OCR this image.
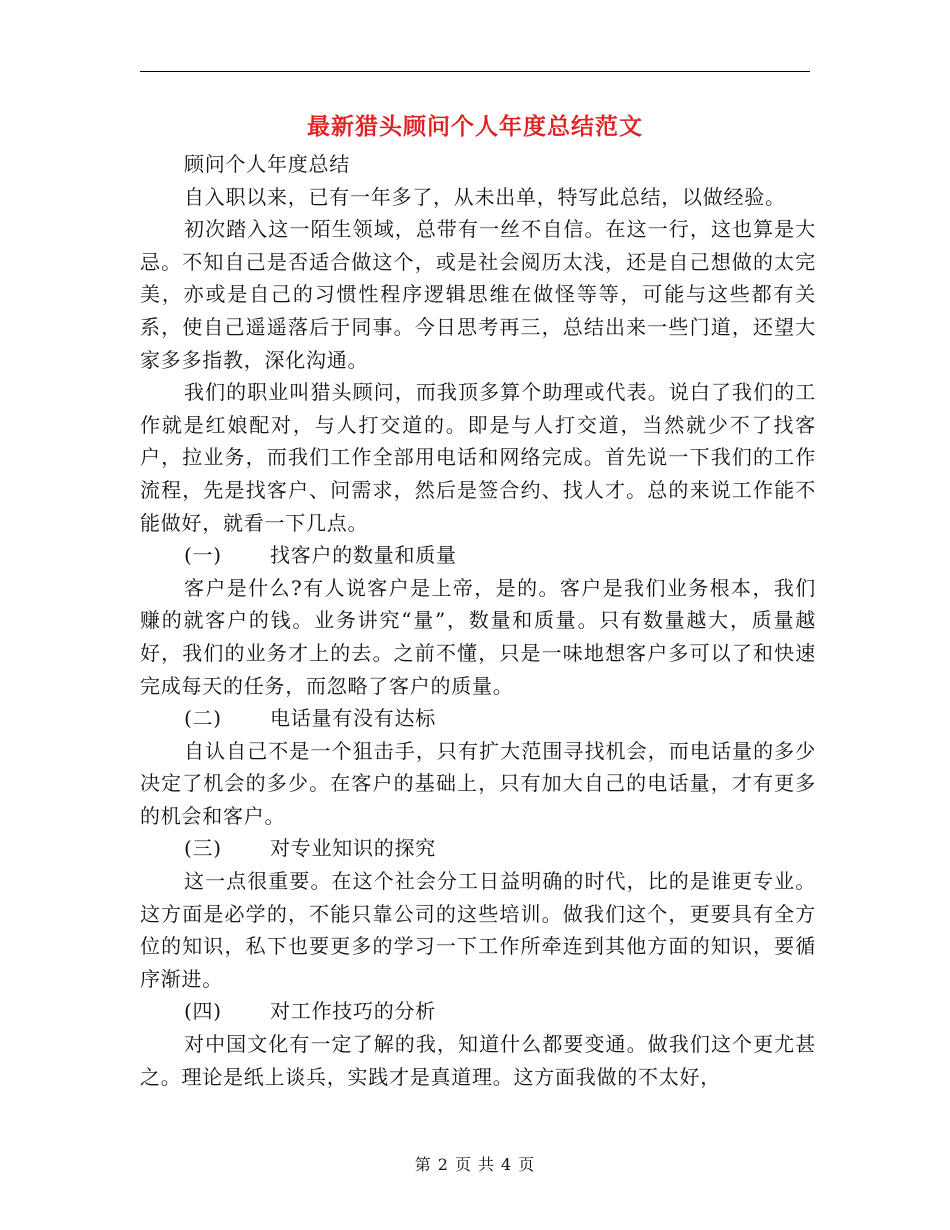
最新猎头顾问个人年度总结范文

顾问个人年度总结

自入职以来，已有一年多了，从未出单，特写此总结，以做经验。

初次踏入这一陌生领域，总带有一丝不自信。在这一行，这也算是大忌。不知自己是否适合做这个，或是社会阅历太浅，还是自己想做的太完美，亦或是自己的习惯性程序逻辑思维在做怪等等，可能与这些都有关系，使自己遥遥落后于同事。今日思考再三，总结出来一些门道，还望大家多多指教，深化沟通。

我们的职业叫猎头顾问，而我顶多算个助理或代表。说白了我们的工作就是红娘配对，与人打交道的。即是与人打交道，当然就少不了找客户，拉业务，而我们工作全部用电话和网络完成。首先说一下我们的工作流程，先是找客户、问需求，然后是签合约、找人才。总的来说工作能不能做好，就看一下几点。

(一) 找客户的数量和质量

客户是什么?有人说客户是上帝，是的。客户是我们业务根本，我们赚的就客户的钱。业务讲究“量”，数量和质量。只有数量越大，质量越好，我们的业务才上的去。之前不懂，只是一味地想客户多可以了和快速完成每天的任务，而忽略了客户的质量。

(二) 电话量有没有达标

自认自己不是一个狙击手，只有扩大范围寻找机会，而电话量的多少决定了机会的多少。在客户的基础上，只有加大自己的电话量，才有更多的机会和客户。

(三) 对专业知识的探究

这一点很重要。在这个社会分工日益明确的时代，比的是谁更专业。这方面是必学的，不能只靠公司的这些培训。做我们这个，更要具有全方位的知识，私下也要更多的学习一下工作所牵连到其他方面的知识，要循序渐进。

(四) 对工作技巧的分析

对中国文化有一定了解的我，知道什么都要变通。做我们这个更尤甚之。理论是纸上谈兵，实践才是真道理。这方面我做的不太好，

第 2 页 共 4 页
